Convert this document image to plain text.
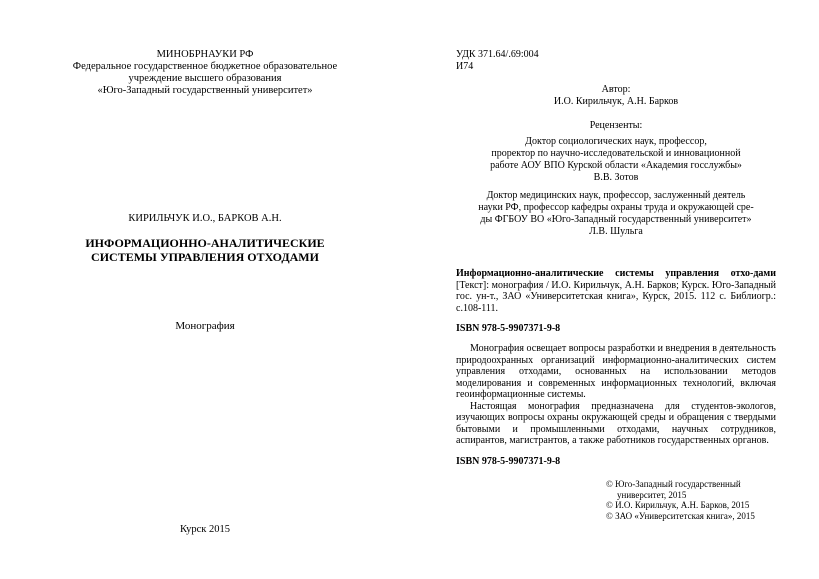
МИНОБРНАУКИ РФ
Федеральное государственное бюджетное образовательное
учреждение высшего образования
«Юго-Западный государственный университет»
КИРИЛЬЧУК И.О., БАРКОВ А.Н.
ИНФОРМАЦИОННО-АНАЛИТИЧЕСКИЕ
СИСТЕМЫ УПРАВЛЕНИЯ ОТХОДАМИ
Монография
Курск 2015
УДК 371.64/.69:004
И74
Автор:
И.О. Кирильчук, А.Н. Барков
Рецензенты:
Доктор социологических наук, профессор,
проректор по научно-исследовательской и инновационной
работе АОУ ВПО Курской области «Академия госслужбы»
В.В. Зотов
Доктор медицинских наук, профессор, заслуженный деятель
науки РФ, профессор кафедры охраны труда и окружающей сре-
ды ФГБОУ ВО «Юго-Западный государственный университет»
Л.В. Шульга
Информационно-аналитические системы управления отхо-дами [Текст]: монография / И.О. Кирильчук, А.Н. Барков; Курск. Юго-Западный гос. ун-т., ЗАО «Университетская книга», Курск, 2015. 112 с. Библиогр.: с.108-111.
ISBN 978-5-9907371-9-8

Монография освещает вопросы разработки и внедрения в деятельность природоохранных организаций информационно-аналитических систем управления отходами, основанных на использовании методов моделирования и современных информационных технологий, включая геоинформационные системы.

Настоящая монография предназначена для студентов-экологов, изучающих вопросы охраны окружающей среды и обращения с твердыми бытовыми и промышленными отходами, научных сотрудников, аспирантов, магистрантов, а также работников государственных органов.

ISBN 978-5-9907371-9-8
© Юго-Западный государственный
университет, 2015
© И.О. Кирильчук, А.Н. Барков, 2015
© ЗАО «Университетская книга», 2015
